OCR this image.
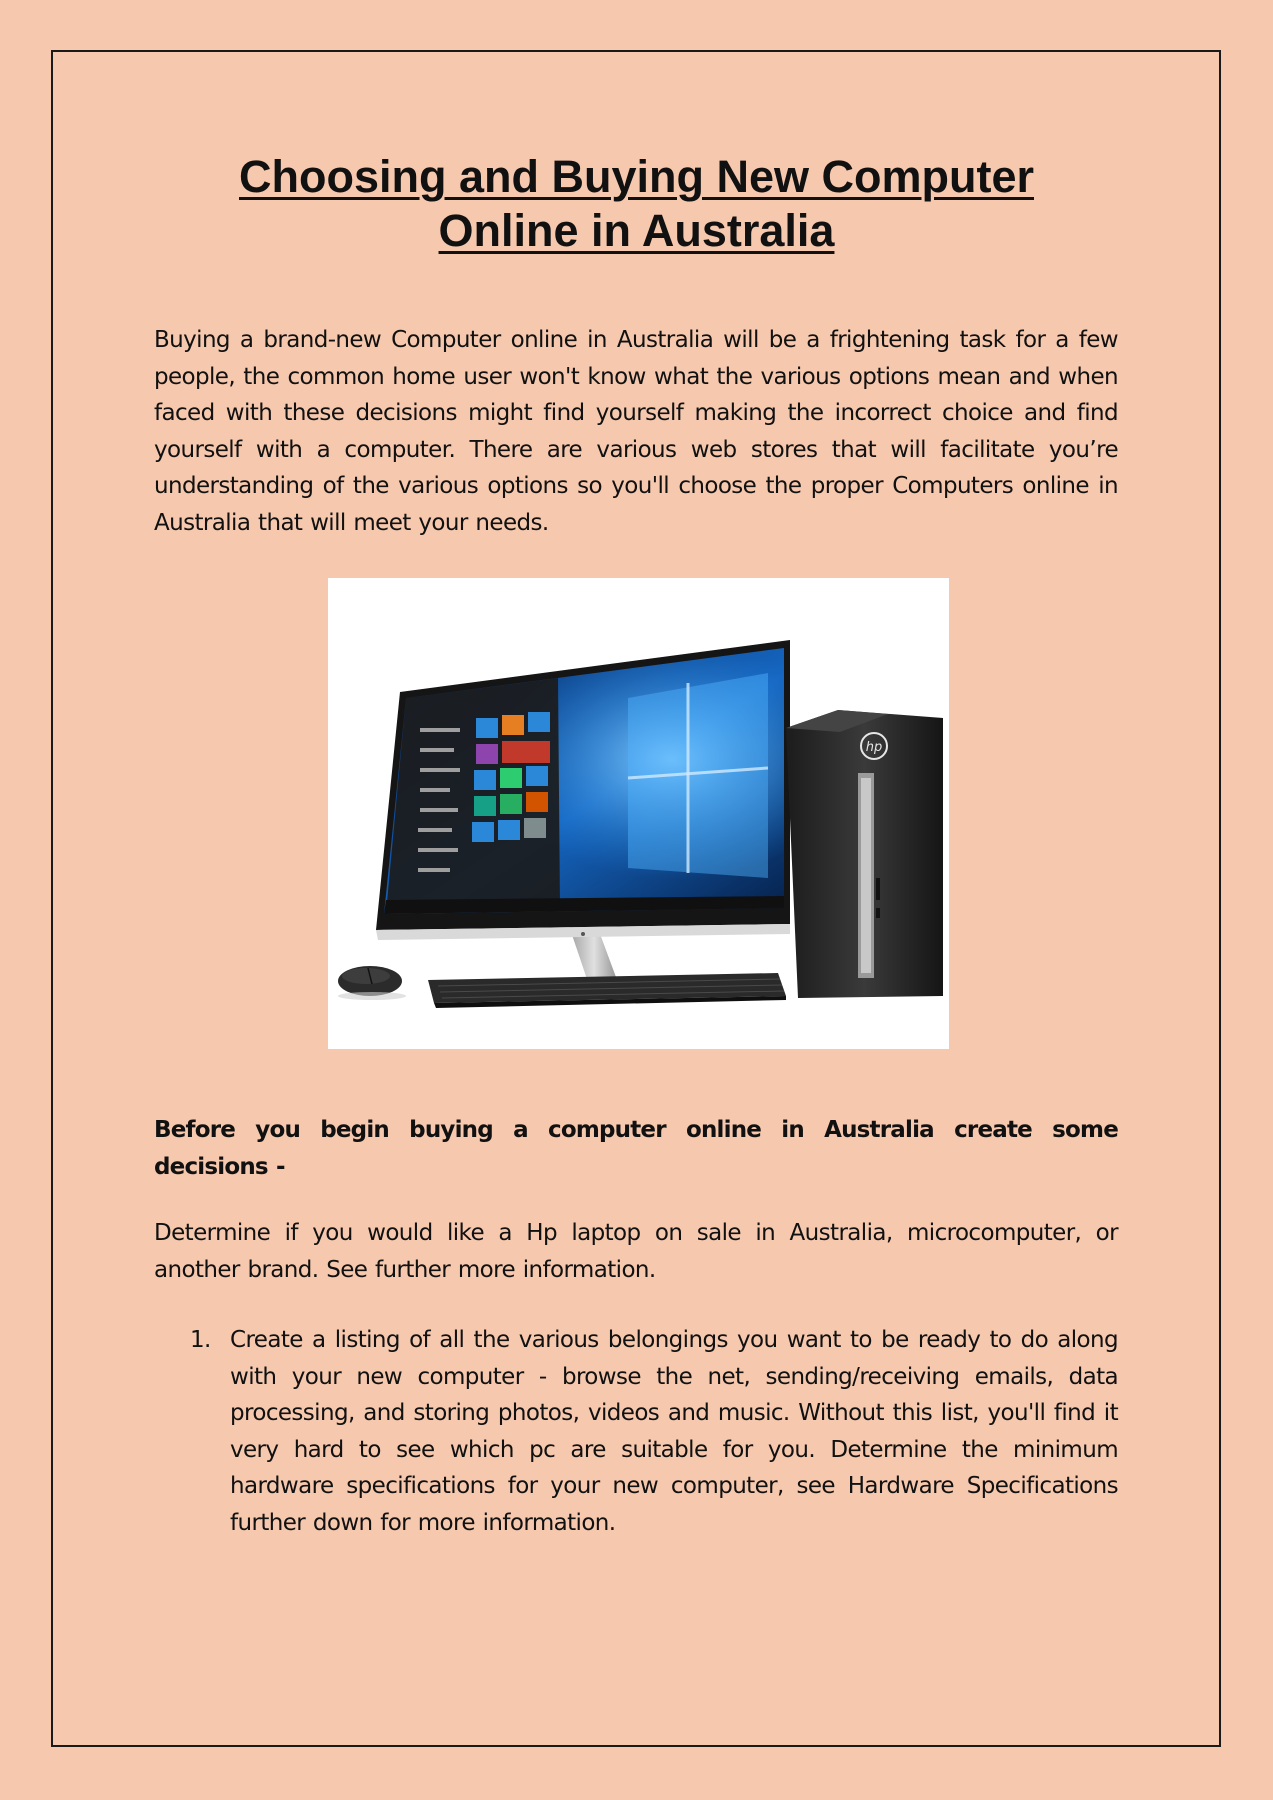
Choosing and Buying New Computer
Online in Australia

Buying a brand-new Computer online in Australia will be a frightening task for a few people, the common home user won't know what the various options mean and when faced with these decisions might find yourself making the incorrect choice and find yourself with a computer. There are various web stores that will facilitate you’re understanding of the various options so you'll choose the proper Computers online in Australia that will meet your needs.

hp

Before you begin buying a computer online in Australia create some decisions -

Determine if you would like a Hp laptop on sale in Australia, microcomputer, or another brand. See further more information.

1. Create a listing of all the various belongings you want to be ready to do along with your new computer - browse the net, sending/receiving emails, data processing, and storing photos, videos and music. Without this list, you'll find it very hard to see which pc are suitable for you. Determine the minimum hardware specifications for your new computer, see Hardware Specifications further down for more information.
